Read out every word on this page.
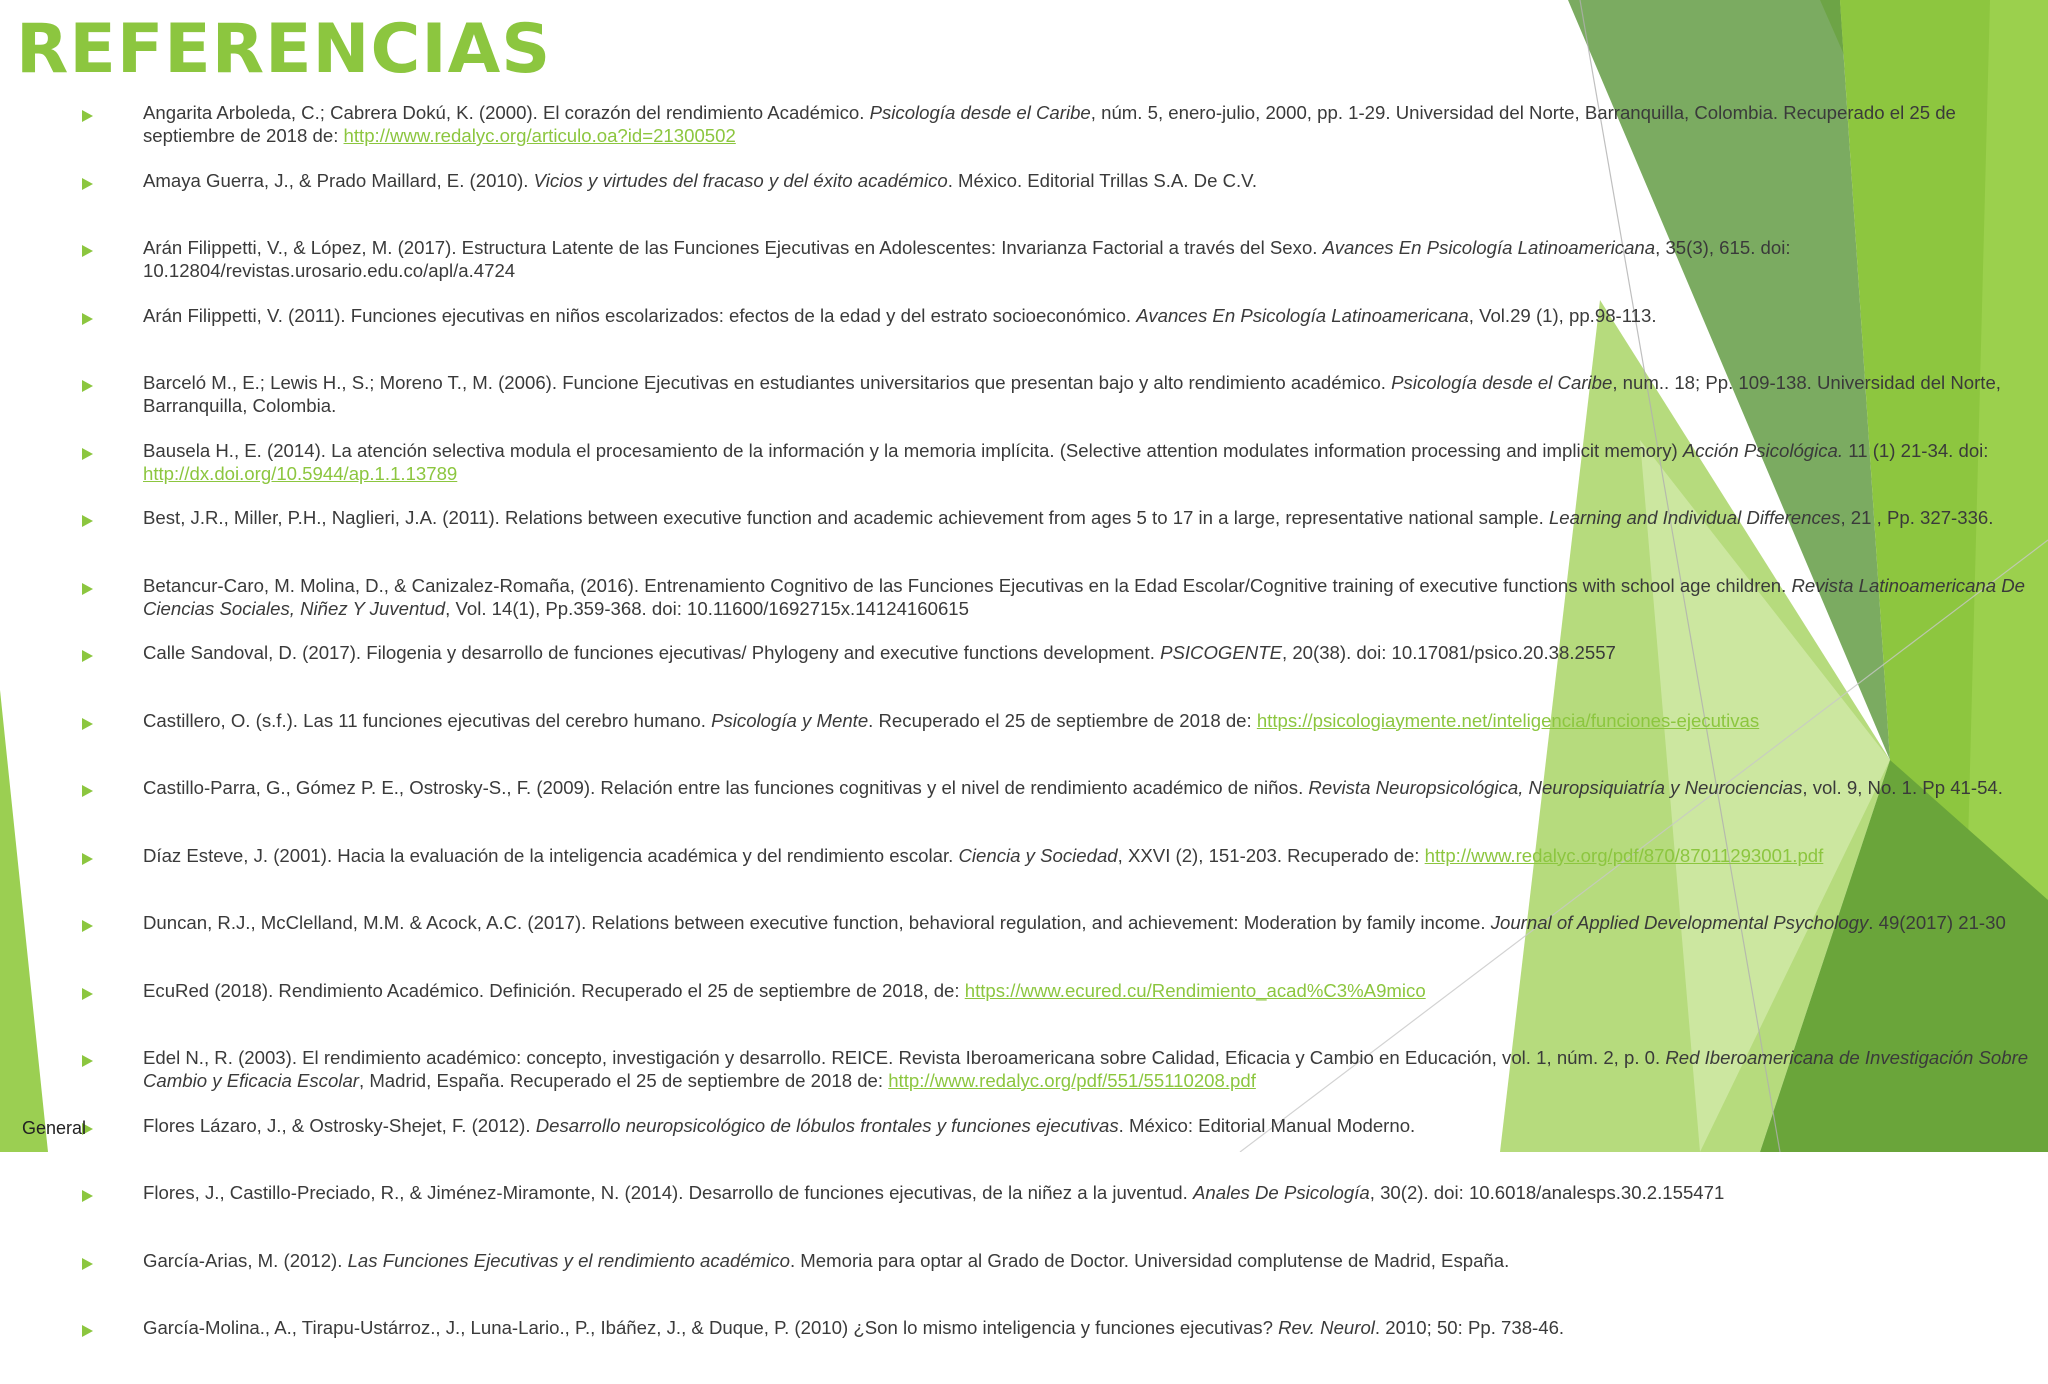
REFERENCIAS
Angarita Arboleda, C.; Cabrera Dokú, K. (2000). El corazón del rendimiento Académico. Psicología desde el Caribe, núm. 5, enero-julio, 2000, pp. 1-29. Universidad del Norte, Barranquilla, Colombia. Recuperado el 25 de septiembre de 2018 de: http://www.redalyc.org/articulo.oa?id=21300502
Amaya Guerra, J., & Prado Maillard, E. (2010). Vicios y virtudes del fracaso y del éxito académico. México. Editorial Trillas S.A. De C.V.
Arán Filippetti, V., & López, M. (2017). Estructura Latente de las Funciones Ejecutivas en Adolescentes: Invarianza Factorial a través del Sexo. Avances En Psicología Latinoamericana, 35(3), 615. doi: 10.12804/revistas.urosario.edu.co/apl/a.4724
Arán Filippetti, V. (2011). Funciones ejecutivas en niños escolarizados: efectos de la edad y del estrato socioeconómico. Avances En Psicología Latinoamericana, Vol.29 (1), pp.98-113.
Barceló M., E.; Lewis H., S.; Moreno T., M. (2006). Funcione Ejecutivas en estudiantes universitarios que presentan bajo y alto rendimiento académico. Psicología desde el Caribe, num.. 18; Pp. 109-138. Universidad del Norte, Barranquilla, Colombia.
Bausela H., E. (2014). La atención selectiva modula el procesamiento de la información y la memoria implícita. (Selective attention modulates information processing and implicit memory) Acción Psicológica. 11 (1) 21-34. doi: http://dx.doi.org/10.5944/ap.1.1.13789
Best, J.R., Miller, P.H., Naglieri, J.A. (2011). Relations between executive function and academic achievement from ages 5 to 17 in a large, representative national sample. Learning and Individual Differences, 21 , Pp. 327-336.
Betancur-Caro, M. Molina, D., & Canizalez-Romaña, (2016). Entrenamiento Cognitivo de las Funciones Ejecutivas en la Edad Escolar/Cognitive training of executive functions with school age children. Revista Latinoamericana De Ciencias Sociales, Niñez Y Juventud, Vol. 14(1), Pp.359-368. doi: 10.11600/1692715x.14124160615
Calle Sandoval, D. (2017). Filogenia y desarrollo de funciones ejecutivas/ Phylogeny and executive functions development. PSICOGENTE, 20(38). doi: 10.17081/psico.20.38.2557
Castillero, O. (s.f.). Las 11 funciones ejecutivas del cerebro humano. Psicología y Mente. Recuperado el 25 de septiembre de 2018 de: https://psicologiaymente.net/inteligencia/funciones-ejecutivas
Castillo-Parra, G., Gómez P. E., Ostrosky-S., F. (2009). Relación entre las funciones cognitivas y el nivel de rendimiento académico de niños. Revista Neuropsicológica, Neuropsiquiatría y Neurociencias, vol. 9, No. 1. Pp 41-54.
Díaz Esteve, J. (2001). Hacia la evaluación de la inteligencia académica y del rendimiento escolar. Ciencia y Sociedad, XXVI (2), 151-203. Recuperado de: http://www.redalyc.org/pdf/870/87011293001.pdf
Duncan, R.J., McClelland, M.M. & Acock, A.C. (2017). Relations between executive function, behavioral regulation, and achievement: Moderation by family income. Journal of Applied Developmental Psychology. 49(2017) 21-30
EcuRed (2018). Rendimiento Académico. Definición. Recuperado el 25 de septiembre de 2018, de: https://www.ecured.cu/Rendimiento_acad%C3%A9mico
Edel N., R. (2003). El rendimiento académico: concepto, investigación y desarrollo. REICE. Revista Iberoamericana sobre Calidad, Eficacia y Cambio en Educación, vol. 1, núm. 2, p. 0. Red Iberoamericana de Investigación Sobre Cambio y Eficacia Escolar, Madrid, España. Recuperado el 25 de septiembre de 2018 de: http://www.redalyc.org/pdf/551/55110208.pdf
Flores Lázaro, J., & Ostrosky-Shejet, F. (2012). Desarrollo neuropsicológico de lóbulos frontales y funciones ejecutivas. México: Editorial Manual Moderno.
Flores, J., Castillo-Preciado, R., & Jiménez-Miramonte, N. (2014). Desarrollo de funciones ejecutivas, de la niñez a la juventud. Anales De Psicología, 30(2). doi: 10.6018/analesps.30.2.155471
García-Arias, M. (2012). Las Funciones Ejecutivas y el rendimiento académico. Memoria para optar al Grado de Doctor. Universidad complutense de Madrid, España.
García-Molina., A., Tirapu-Ustárroz., J., Luna-Lario., P., Ibáñez, J., & Duque, P. (2010) ¿Son lo mismo inteligencia y funciones ejecutivas? Rev. Neurol. 2010; 50: Pp. 738-46.
General
